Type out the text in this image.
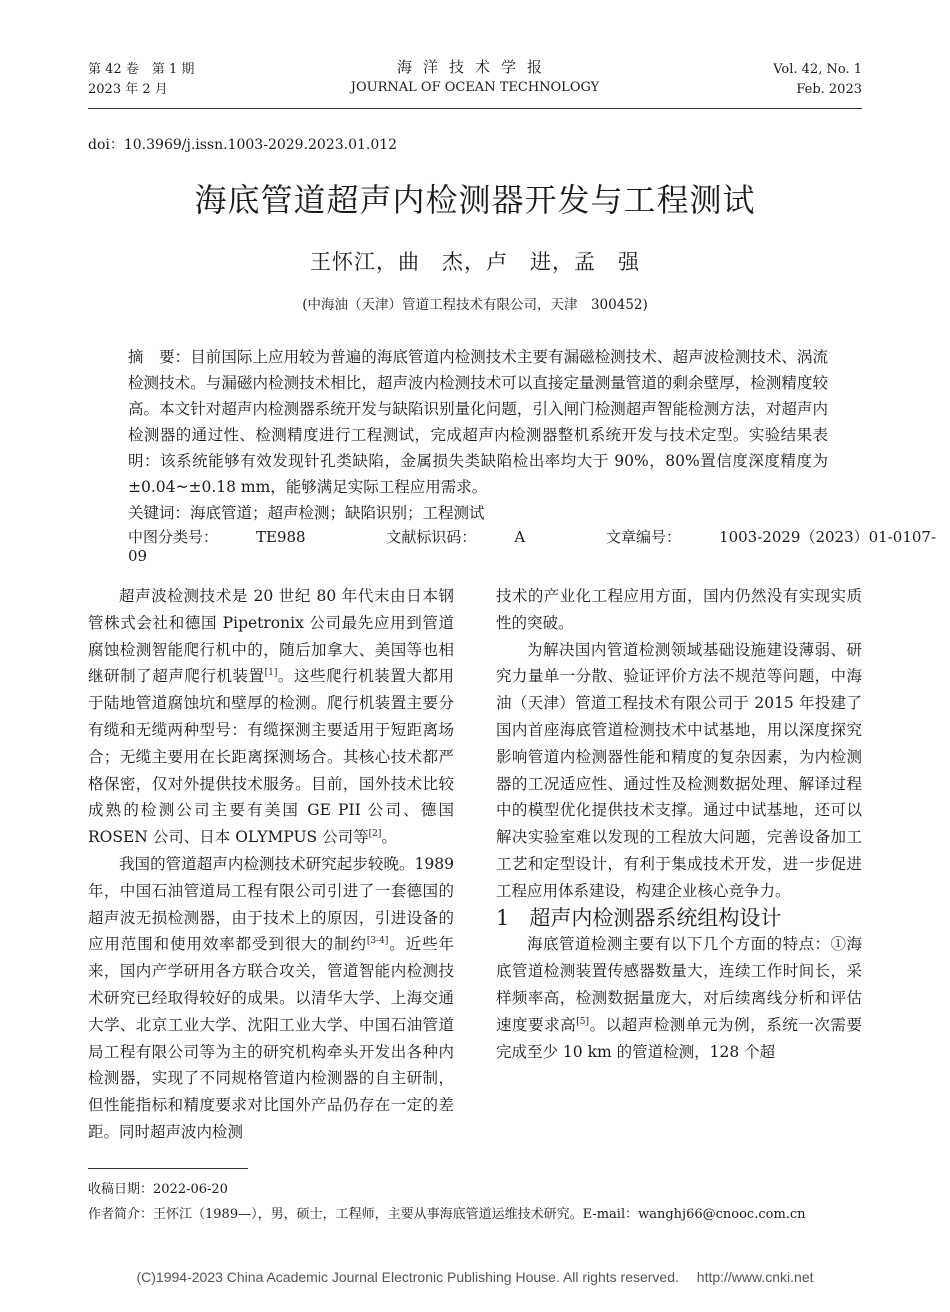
第 42 卷　第 1 期
2023 年 2 月
海洋技术学报
JOURNAL OF OCEAN TECHNOLOGY
Vol. 42, No. 1
Feb. 2023
doi：10.3969/j.issn.1003-2029.2023.01.012
海底管道超声内检测器开发与工程测试
王怀江，曲　杰，卢　进，孟　强
(中海油（天津）管道工程技术有限公司，天津　300452)

摘　要：目前国际上应用较为普遍的海底管道内检测技术主要有漏磁检测技术、超声波检测技术、涡流检测技术。与漏磁内检测技术相比，超声波内检测技术可以直接定量测量管道的剩余壁厚，检测精度较高。本文针对超声内检测器系统开发与缺陷识别量化问题，引入闸门检测超声智能检测方法，对超声内检测器的通过性、检测精度进行工程测试，完成超声内检测器整机系统开发与技术定型。实验结果表明：该系统能够有效发现针孔类缺陷，金属损失类缺陷检出率均大于 90%，80%置信度深度精度为±0.04~±0.18 mm，能够满足实际工程应用需求。

关键词：海底管道；超声检测；缺陷识别；工程测试

中图分类号：	TE988	文献标识码：	A	文章编号：	1003-2029（2023）01-0107-09

超声波检测技术是 20 世纪 80 年代末由日本钢管株式会社和德国 Pipetronix 公司最先应用到管道腐蚀检测智能爬行机中的，随后加拿大、美国等也相继研制了超声爬行机装置[1]。这些爬行机装置大都用于陆地管道腐蚀坑和壁厚的检测。爬行机装置主要分有缆和无缆两种型号：有缆探测主要适用于短距离场合；无缆主要用在长距离探测场合。其核心技术都严格保密，仅对外提供技术服务。目前，国外技术比较成熟的检测公司主要有美国 GE PII 公司、德国 ROSEN 公司、日本 OLYMPUS 公司等[2]。

我国的管道超声内检测技术研究起步较晚。1989 年，中国石油管道局工程有限公司引进了一套德国的超声波无损检测器，由于技术上的原因，引进设备的应用范围和使用效率都受到很大的制约[3-4]。近些年来，国内产学研用各方联合攻关，管道智能内检测技术研究已经取得较好的成果。以清华大学、上海交通大学、北京工业大学、沈阳工业大学、中国石油管道局工程有限公司等为主的研究机构牵头开发出各种内检测器，实现了不同规格管道内检测器的自主研制，但性能指标和精度要求对比国外产品仍存在一定的差距。同时超声波内检测

技术的产业化工程应用方面，国内仍然没有实现实质性的突破。

为解决国内管道检测领域基础设施建设薄弱、研究力量单一分散、验证评价方法不规范等问题，中海油（天津）管道工程技术有限公司于 2015 年投建了国内首座海底管道检测技术中试基地，用以深度探究影响管道内检测器性能和精度的复杂因素，为内检测器的工况适应性、通过性及检测数据处理、解译过程中的模型优化提供技术支撑。通过中试基地，还可以解决实验室难以发现的工程放大问题，完善设备加工工艺和定型设计，有利于集成技术开发，进一步促进工程应用体系建设，构建企业核心竞争力。

1 超声内检测器系统组构设计

海底管道检测主要有以下几个方面的特点：①海底管道检测装置传感器数量大，连续工作时间长，采样频率高，检测数据量庞大，对后续离线分析和评估速度要求高[5]。以超声检测单元为例，系统一次需要完成至少 10 km 的管道检测，128 个超

收稿日期：2022-06-20
作者简介：王怀江（1989—），男，硕士，工程师，主要从事海底管道运维技术研究。E-mail：wanghj66@cnooc.com.cn
(C)1994-2023 China Academic Journal Electronic Publishing House. All rights reserved.　 http://www.cnki.net
